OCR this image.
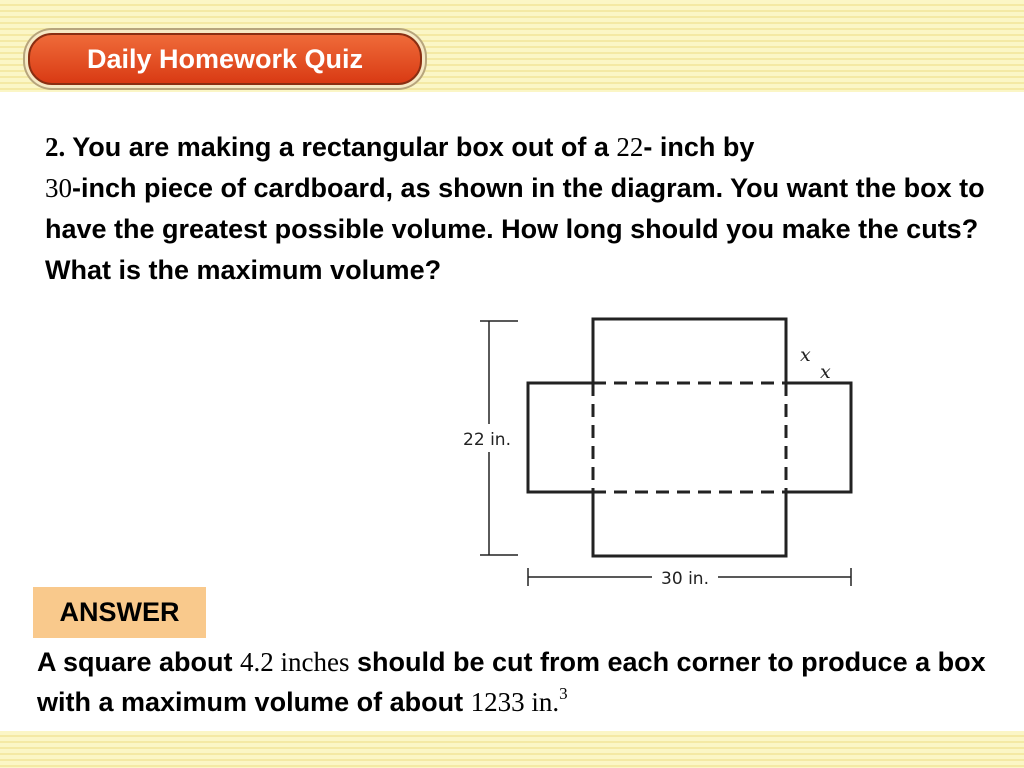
Daily Homework Quiz

2. You are making a rectangular box out of a 22- inch by
30-inch piece of cardboard, as shown in the diagram. You want the box to have the greatest possible volume. How long should you make the cuts? What is the maximum volume?

22 in.
30 in.
x
x
ANSWER

A square about 4.2 inches should be cut from each corner to produce a box with a maximum volume of about 1233 in.$^3$
